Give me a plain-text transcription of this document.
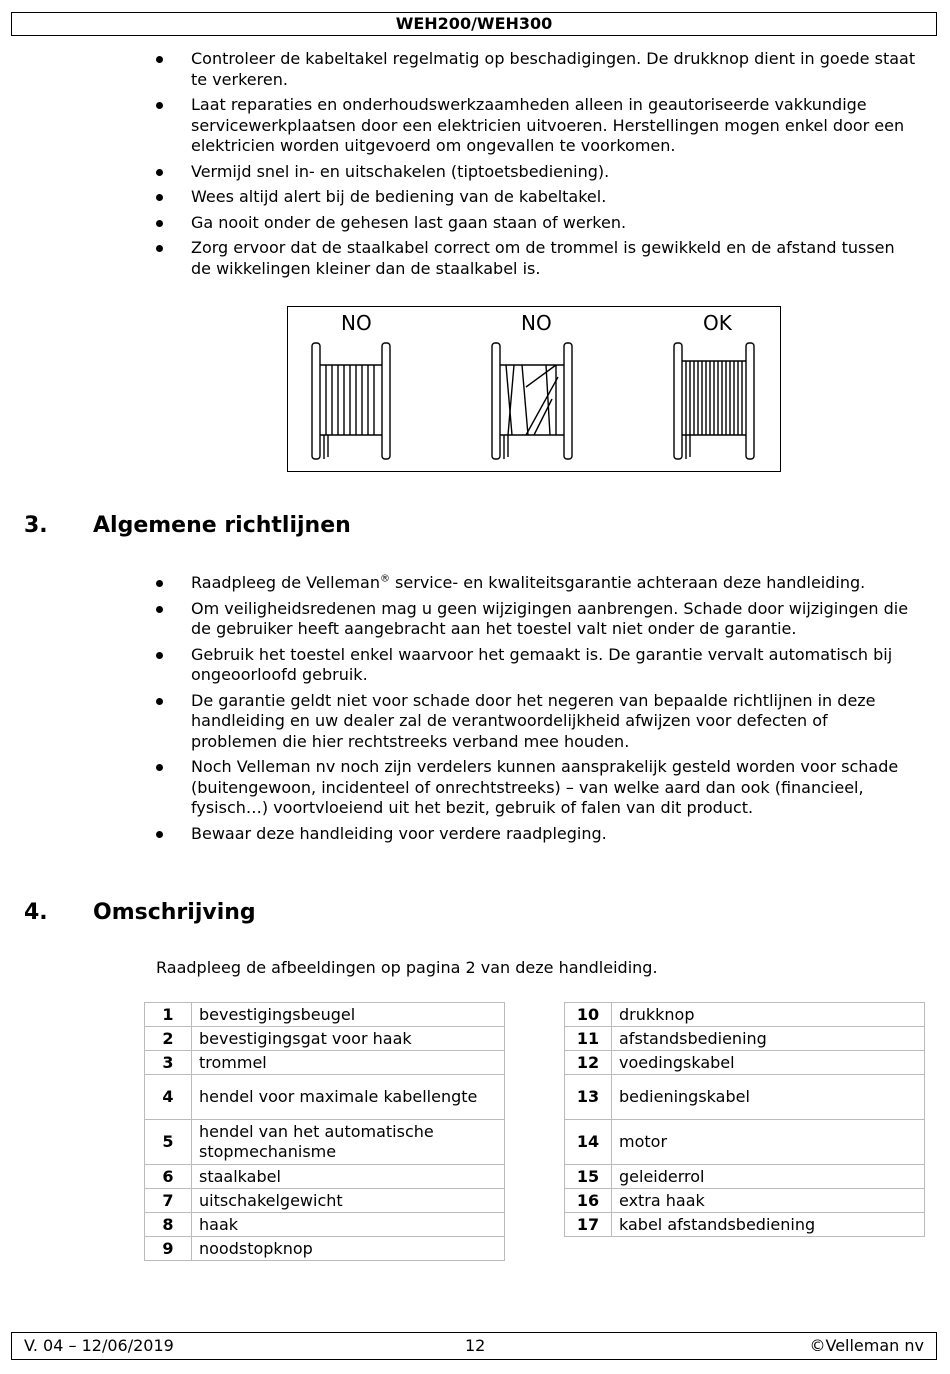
WEH200/WEH300
Controleer de kabeltakel regelmatig op beschadigingen. De drukknop dient in goede staat te verkeren.
Laat reparaties en onderhoudswerkzaamheden alleen in geautoriseerde vakkundige servicewerkplaatsen door een elektricien uitvoeren. Herstellingen mogen enkel door een elektricien worden uitgevoerd om ongevallen te voorkomen.
Vermijd snel in- en uitschakelen (tiptoetsbediening).
Wees altijd alert bij de bediening van de kabeltakel.
Ga nooit onder de gehesen last gaan staan of werken.
Zorg ervoor dat de staalkabel correct om de trommel is gewikkeld en de afstand tussen de wikkelingen kleiner dan de staalkabel is.
NO	NO	OK
3. Algemene richtlijnen
Raadpleeg de Velleman® service- en kwaliteitsgarantie achteraan deze handleiding.
Om veiligheidsredenen mag u geen wijzigingen aanbrengen. Schade door wijzigingen die de gebruiker heeft aangebracht aan het toestel valt niet onder de garantie.
Gebruik het toestel enkel waarvoor het gemaakt is. De garantie vervalt automatisch bij ongeoorloofd gebruik.
De garantie geldt niet voor schade door het negeren van bepaalde richtlijnen in deze handleiding en uw dealer zal de verantwoordelijkheid afwijzen voor defecten of problemen die hier rechtstreeks verband mee houden.
Noch Velleman nv noch zijn verdelers kunnen aansprakelijk gesteld worden voor schade (buitengewoon, incidenteel of onrechtstreeks) – van welke aard dan ook (financieel, fysisch…) voortvloeiend uit het bezit, gebruik of falen van dit product.
Bewaar deze handleiding voor verdere raadpleging.
4. Omschrijving
Raadpleeg de afbeeldingen op pagina 2 van deze handleiding.
1	bevestigingsbeugel
2	bevestigingsgat voor haak
3	trommel
4	hendel voor maximale kabellengte
5	hendel van het automatische stopmechanisme
6	staalkabel
7	uitschakelgewicht
8	haak
9	noodstopknop
10	drukknop
11	afstandsbediening
12	voedingskabel
13	bedieningskabel
14	motor
15	geleiderrol
16	extra haak
17	kabel afstandsbediening
V. 04 – 12/06/2019	12	©Velleman nv
